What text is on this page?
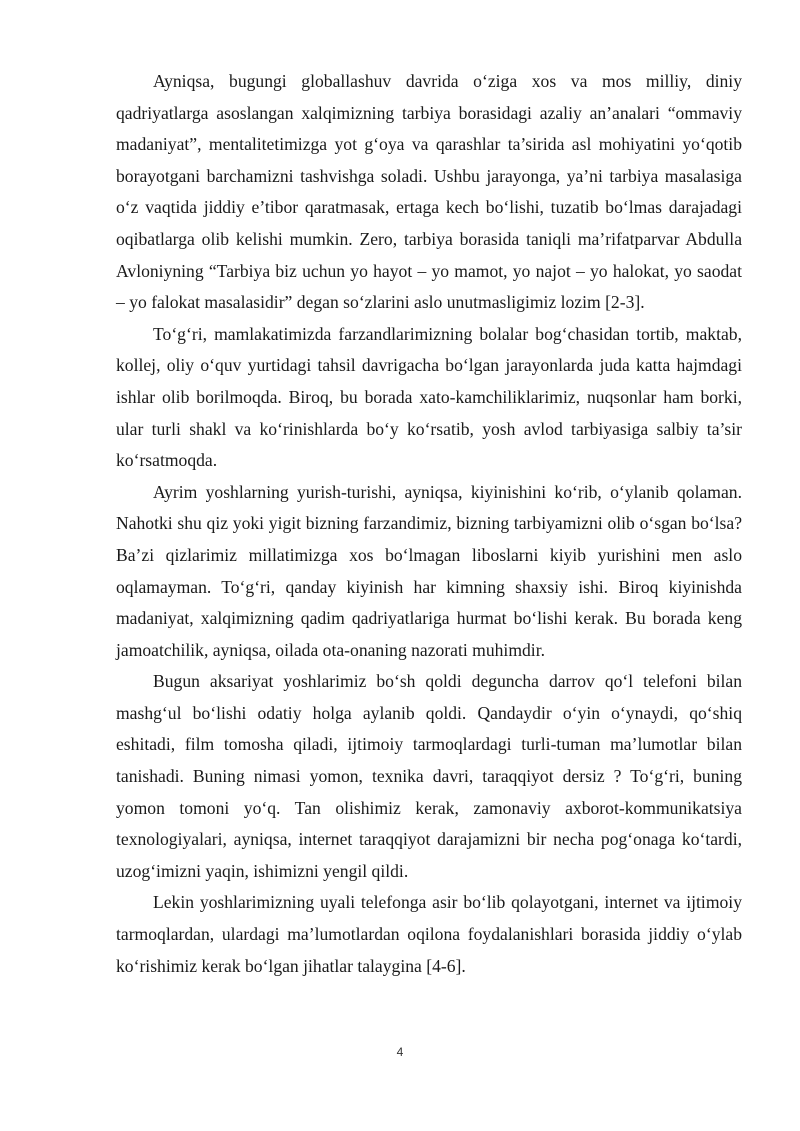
Ayniqsa, bugungi globallashuv davrida oʻziga xos va mos milliy, diniy qadriyatlarga asoslangan xalqimizning tarbiya borasidagi azaliy an’analari “ommaviy madaniyat”, mentalitetimizga yot gʻoya va qarashlar ta’sirida asl mohiyatini yoʻqotib borayotgani barchamizni tashvishga soladi. Ushbu jarayonga, ya’ni tarbiya masalasiga oʻz vaqtida jiddiy e’tibor qaratmasak, ertaga kech boʻlishi, tuzatib boʻlmas darajadagi oqibatlarga olib kelishi mumkin. Zero, tarbiya borasida taniqli ma’rifatparvar Abdulla Avloniyning “Tarbiya biz uchun yo hayot – yo mamot, yo najot – yo halokat, yo saodat – yo falokat masalasidir” degan soʻzlarini aslo unutmasligimiz lozim [2-3].

Toʻgʻri, mamlakatimizda farzandlarimizning bolalar bogʻchasidan tortib, maktab, kollej, oliy oʻquv yurtidagi tahsil davrigacha boʻlgan jarayonlarda juda katta hajmdagi ishlar olib borilmoqda. Biroq, bu borada xato-kamchiliklarimiz, nuqsonlar ham borki, ular turli shakl va koʻrinishlarda boʻy koʻrsatib, yosh avlod tarbiyasiga salbiy ta’sir koʻrsatmoqda.

Ayrim yoshlarning yurish-turishi, ayniqsa, kiyinishini koʻrib, oʻylanib qolaman. Nahotki shu qiz yoki yigit bizning farzandimiz, bizning tarbiyamizni olib oʻsgan boʻlsa? Ba’zi qizlarimiz millatimizga xos boʻlmagan liboslarni kiyib yurishini men aslo oqlamayman. Toʻgʻri, qanday kiyinish har kimning shaxsiy ishi. Biroq kiyinishda madaniyat, xalqimizning qadim qadriyatlariga hurmat boʻlishi kerak. Bu borada keng jamoatchilik, ayniqsa, oilada ota-onaning nazorati muhimdir.

Bugun aksariyat yoshlarimiz boʻsh qoldi deguncha darrov qoʻl telefoni bilan mashgʻul boʻlishi odatiy holga aylanib qoldi. Qandaydir oʻyin oʻynaydi, qoʻshiq eshitadi, film tomosha qiladi, ijtimoiy tarmoqlardagi turli-tuman ma’lumotlar bilan tanishadi. Buning nimasi yomon, texnika davri, taraqqiyot dersiz ? Toʻgʻri, buning yomon tomoni yoʻq. Tan olishimiz kerak, zamonaviy axborot-kommunikatsiya texnologiyalari, ayniqsa, internet taraqqiyot darajamizni bir necha pogʻonaga koʻtardi, uzogʻimizni yaqin, ishimizni yengil qildi.

Lekin yoshlarimizning uyali telefonga asir boʻlib qolayotgani, internet va ijtimoiy tarmoqlardan, ulardagi ma’lumotlardan oqilona foydalanishlari borasida jiddiy oʻylab koʻrishimiz kerak boʻlgan jihatlar talaygina [4-6].

4
